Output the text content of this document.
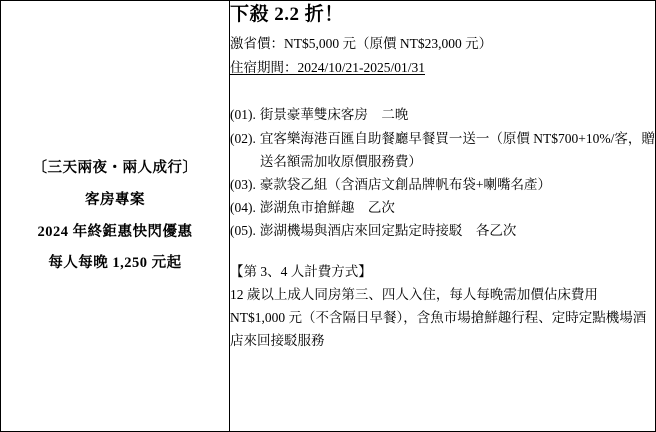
〔三天兩夜・兩人成行〕
客房專案
2024 年終鉅惠快閃優惠
每人每晚 1,250 元起

下殺 2.2 折！
激省價：NT$5,000 元（原價 NT$23,000 元）
住宿期間：2024/10/21-2025/01/31
(01). 街景豪華雙床客房　二晚
(02). 宜客樂海港百匯自助餐廳早餐買一送一（原價 NT$700+10%/客，贈送名額需加收原價服務費）
(03). 豪款袋乙組（含酒店文創品牌帆布袋+喇嘴名產）
(04). 澎湖魚市搶鮮趣　乙次
(05). 澎湖機場與酒店來回定點定時接駁　各乙次
【第 3、4 人計費方式】
12 歲以上成人同房第三、四人入住，每人每晚需加價佔床費用 NT$1,000 元（不含隔日早餐），含魚市場搶鮮趣行程、定時定點機場酒店來回接駁服務
